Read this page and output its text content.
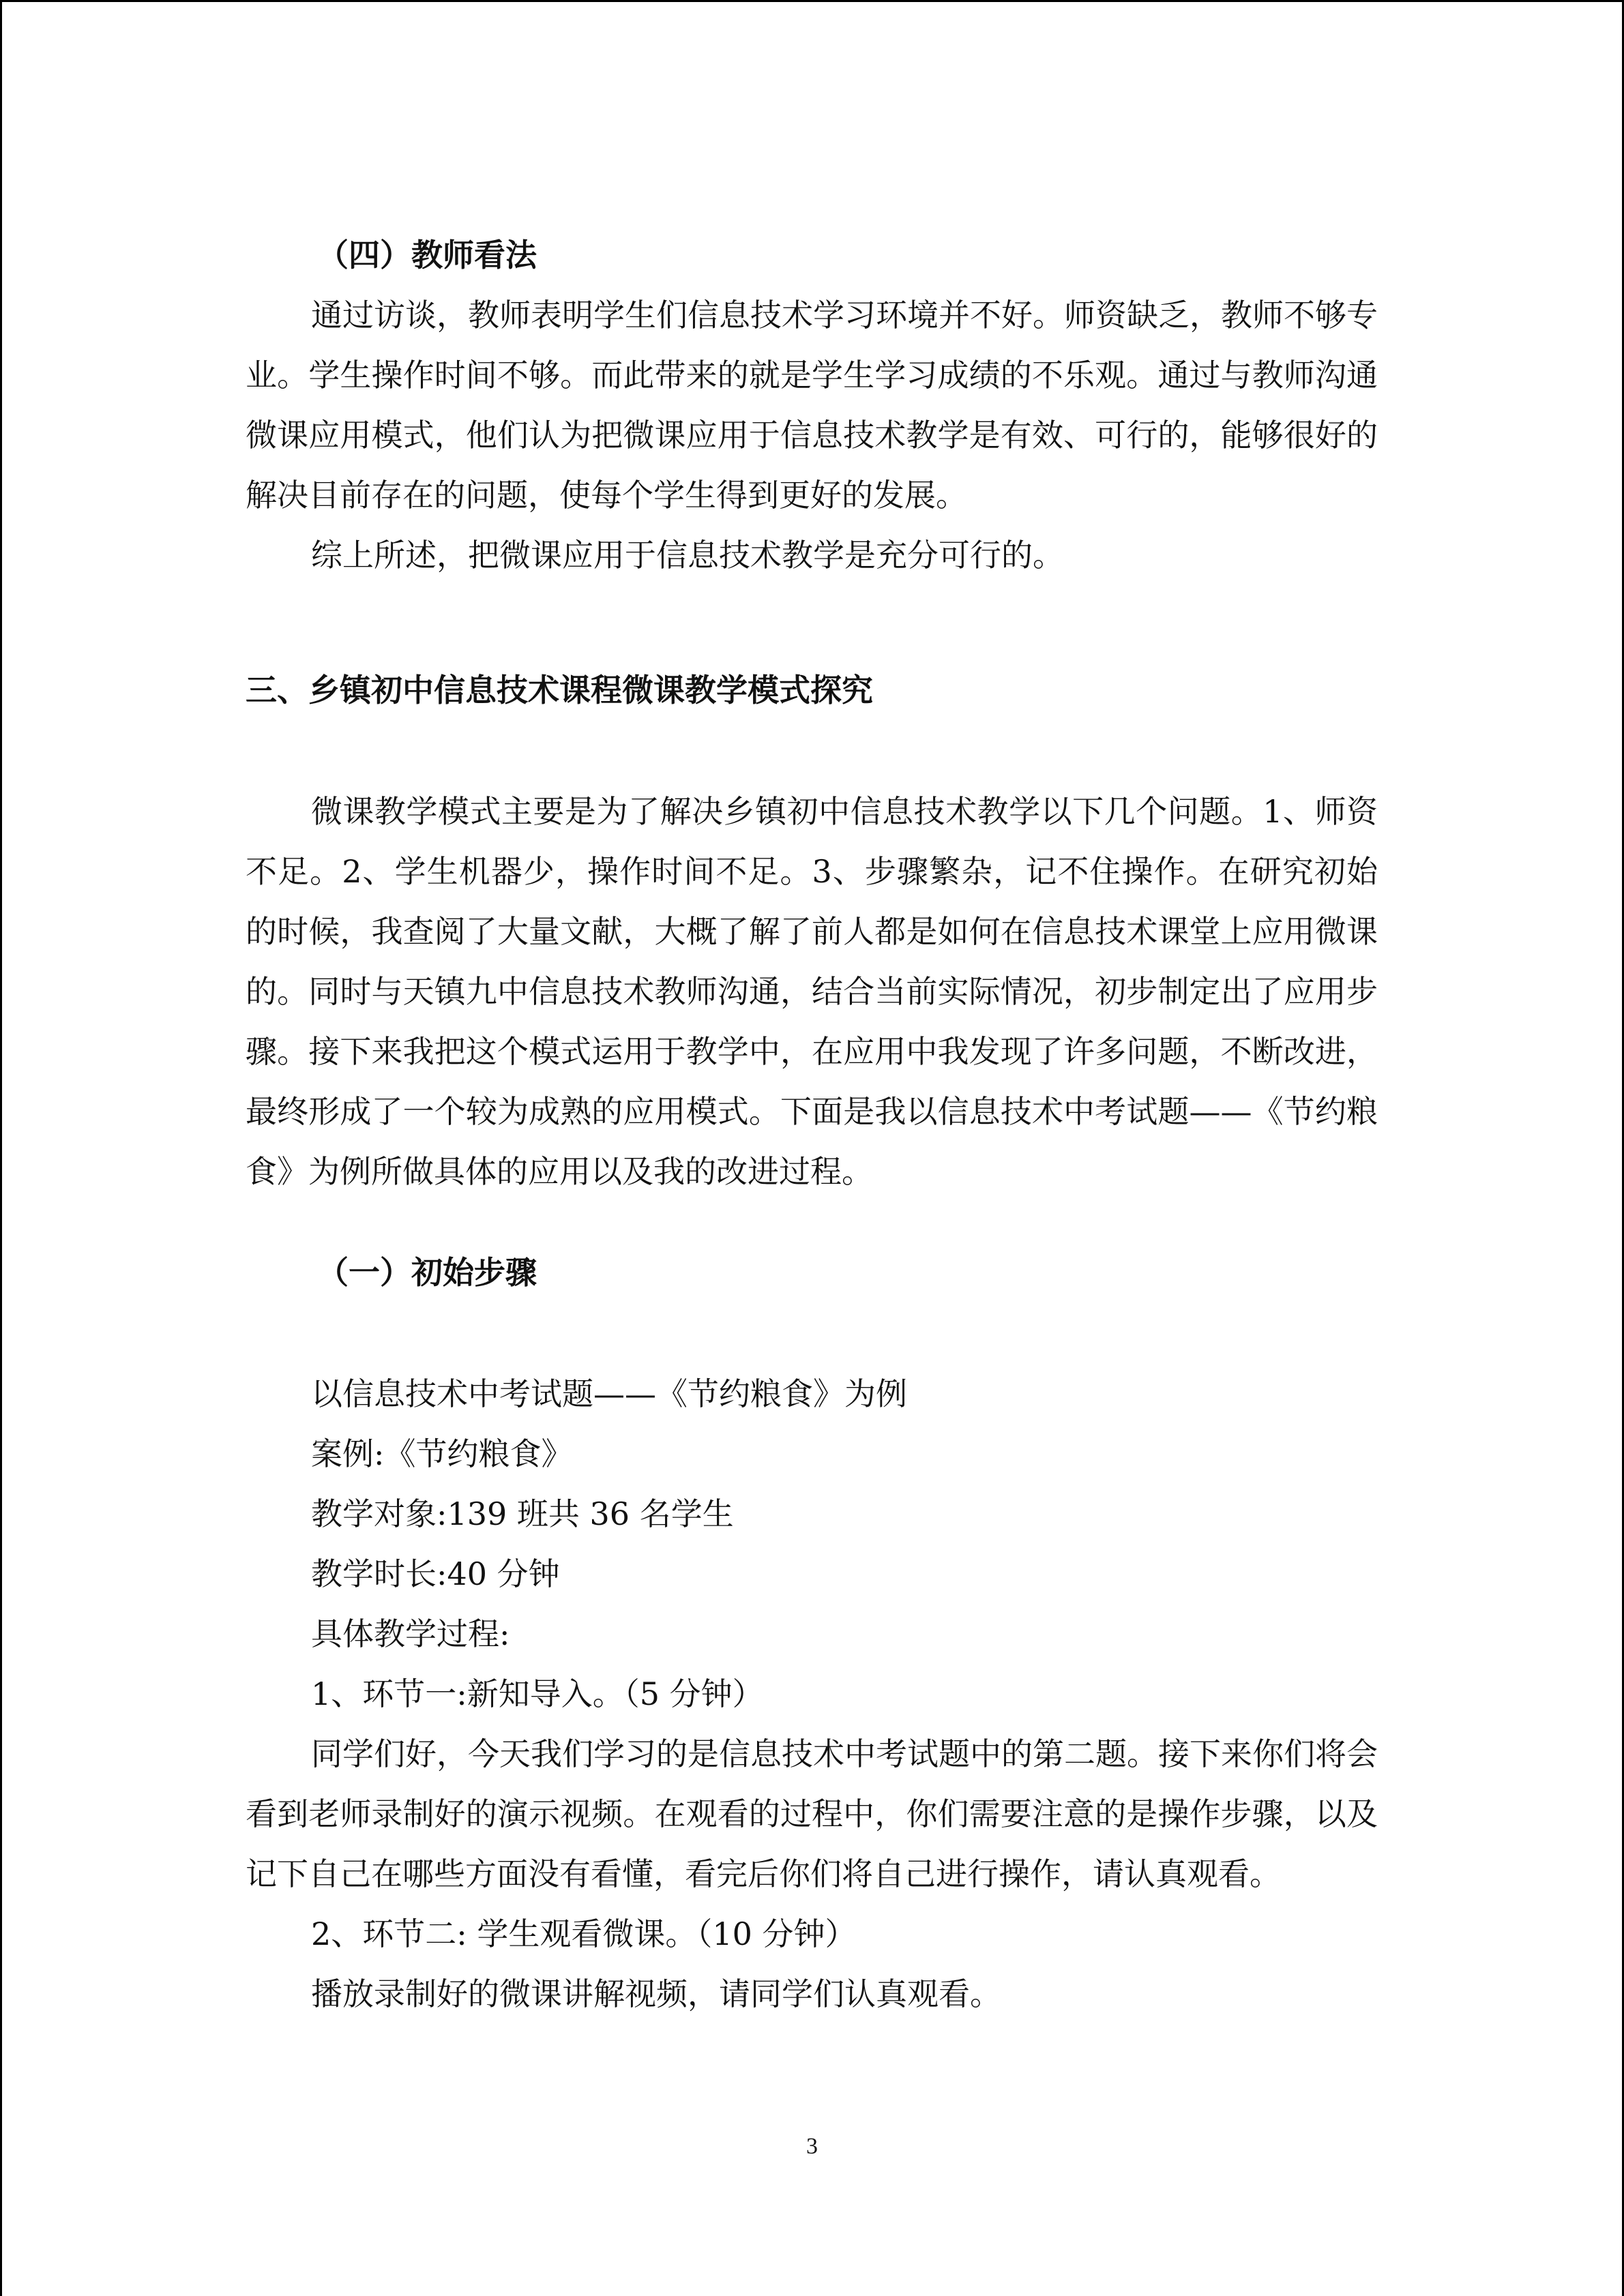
（四）教师看法

通过访谈，教师表明学生们信息技术学习环境并不好。师资缺乏，教师不够专业。学生操作时间不够。而此带来的就是学生学习成绩的不乐观。通过与教师沟通微课应用模式，他们认为把微课应用于信息技术教学是有效、可行的，能够很好的解决目前存在的问题，使每个学生得到更好的发展。

综上所述，把微课应用于信息技术教学是充分可行的。

三、乡镇初中信息技术课程微课教学模式探究

微课教学模式主要是为了解决乡镇初中信息技术教学以下几个问题。1、师资不足。2、学生机器少，操作时间不足。3、步骤繁杂，记不住操作。在研究初始的时候，我查阅了大量文献，大概了解了前人都是如何在信息技术课堂上应用微课的。同时与天镇九中信息技术教师沟通，结合当前实际情况，初步制定出了应用步骤。接下来我把这个模式运用于教学中，在应用中我发现了许多问题，不断改进，最终形成了一个较为成熟的应用模式。下面是我以信息技术中考试题——《节约粮食》为例所做具体的应用以及我的改进过程。

（一）初始步骤

以信息技术中考试题——《节约粮食》为例

案例:《节约粮食》

教学对象:139 班共 36 名学生

教学时长:40 分钟

具体教学过程:

1、环节一:新知导入。（5 分钟）

同学们好，今天我们学习的是信息技术中考试题中的第二题。接下来你们将会看到老师录制好的演示视频。在观看的过程中，你们需要注意的是操作步骤，以及记下自己在哪些方面没有看懂，看完后你们将自己进行操作，请认真观看。

2、环节二: 学生观看微课。（10 分钟）

播放录制好的微课讲解视频，请同学们认真观看。

3
